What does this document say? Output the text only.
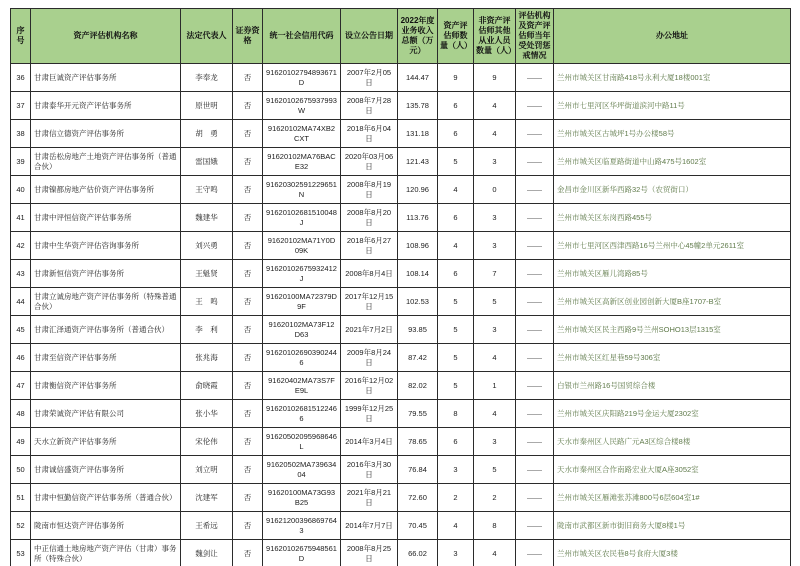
序号	资产评估机构名称	法定代表人	证券资格	统一社会信用代码	设立公告日期	2022年度业务收入总额（万元）	资产评估师数量（人）	非资产评估师其他从业人员数量（人）	评估机构及资产评估师当年受处罚惩戒情况	办公地址
36	甘肃巨诚资产评估事务所	李奉龙	否	91620102794893671D	2007年2月05日	144.47	9	9	——	兰州市城关区甘南路418号永利大厦18楼001室
37	甘肃泰华开元资产评估事务所	原世明	否	91620102675937993W	2008年7月28日	135.78	6	4	——	兰州市七里河区华坪街道滨河中路11号
38	甘肃信立德资产评估事务所	胡　勇	否	91620102MA74XB2CXT	2018年6月04日	131.18	6	4	——	兰州市城关区古城坪1号办公楼58号
39	甘肃岳松房地产土地资产评估事务所（普通合伙）	雷国娥	否	91620102MA76BACE32	2020年03月06日	121.43	5	3	——	兰州市城关区临夏路街道中山路475号1602室
40	甘肃镍都房地产估价资产评估事务所	王守鸣	否	91620302591229651N	2008年8月19日	120.96	4	0	——	金昌市金川区新华西路32号（农贸街口）
41	甘肃中评恒信资产评估事务所	魏建华	否	91620102681510048J	2008年8月20日	113.76	6	3	——	兰州市城关区东岗西路455号
42	甘肃中生华资产评估咨询事务所	刘兴勇	否	91620102MA71Y0D09K	2018年6月27日	108.96	4	3	——	兰州市七里河区西津西路16号兰州中心45幢2单元2611室
43	甘肃新恒信资产评估事务所	王魁贤	否	91620102675932412J	2008年8月4日	108.14	6	7	——	兰州市城关区雁儿湾路85号
44	甘肃立诚房地产资产评估事务所（特殊普通合伙）	王　鸣	否	91620100MA72379D9F	2017年12月15日	102.53	5	5	——	兰州市城关区高新区创业园创新大厦B座1707-B室
45	甘肃汇泽通资产评估事务所（普通合伙）	李　利	否	91620102MA73F12D63	2021年7月2日	93.85	5	3	——	兰州市城关区民主西路9号兰州SOHO13层1315室
46	甘肃至信资产评估事务所	张兆海	否	916201026903902446	2009年8月24日	87.42	5	4	——	兰州市城关区红星巷59号306室
47	甘肃衡信资产评估事务所	俞晓霞	否	91620402MA73S7FE9L	2016年12月02日	82.02	5	1	——	白银市兰州路16号国贸综合楼
48	甘肃荣诚资产评估有限公司	张小华	否	916201026815122466	1999年12月25日	79.55	8	4	——	兰州市城关区庆阳路219号金运大厦2302室
49	天水立新资产评估事务所	宋伦伟	否	91620502095968646L	2014年3月4日	78.65	6	3	——	天水市秦州区人民路广元A3区综合楼8楼
50	甘肃诚信盛资产评估事务所	刘立明	否	91620502MA73963404	2016年3月30日	76.84	3	5	——	天水市秦州区合作南路宏业大厦A座3052室
51	甘肃中恒勤信资产评估事务所（普通合伙）	沈建军	否	91620100MA73G93B25	2021年8月21日	72.60	2	2	——	兰州市城关区雁滩张苏滩800号6层604室1#
52	陇南市恒达资产评估事务所	王希远	否	916212003968697643	2014年7月7日	70.45	4	8	——	陇南市武都区新市街旧商务大厦8楼1号
53	中正信通土地房地产资产评估（甘肃）事务所（特殊合伙）	魏剑让	否	91620102675948561D	2008年8月25日	66.02	3	4	——	兰州市城关区农民巷8号食府大厦3楼
